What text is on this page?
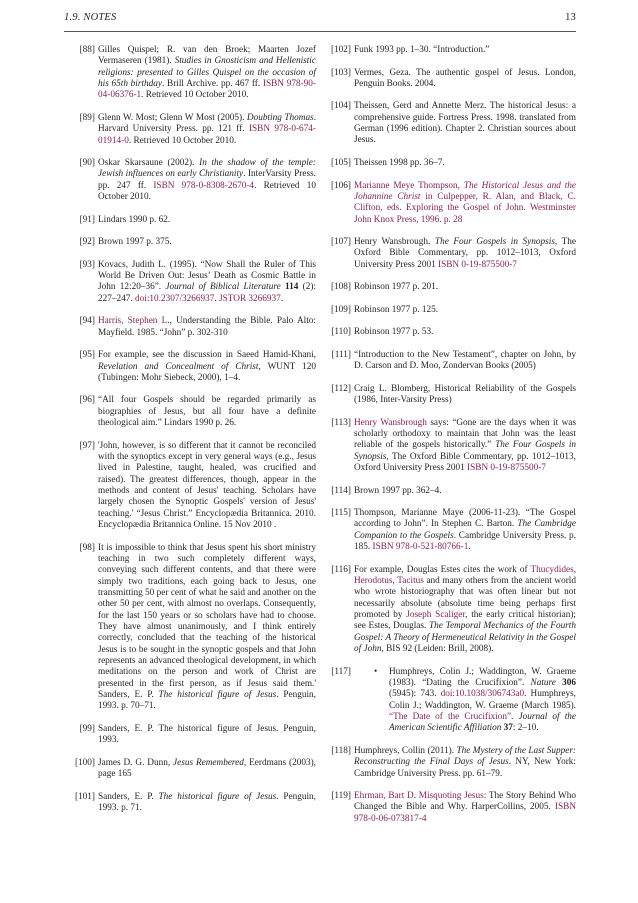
1.9. NOTES	13
[88] Gilles Quispel; R. van den Broek; Maarten Jozef Vermaseren (1981). Studies in Gnosticism and Hellenistic religions: presented to Gilles Quispel on the occasion of his 65th birthday. Brill Archive. pp. 467 ff. ISBN 978-90-04-06376-1. Retrieved 10 October 2010.
[89] Glenn W. Most; Glenn W Most (2005). Doubting Thomas. Harvard University Press. pp. 121 ff. ISBN 978-0-674-01914-0. Retrieved 10 October 2010.
[90] Oskar Skarsaune (2002). In the shadow of the temple: Jewish influences on early Christianity. InterVarsity Press. pp. 247 ff. ISBN 978-0-8308-2670-4. Retrieved 10 October 2010.
[91] Lindars 1990 p. 62.
[92] Brown 1997 p. 375.
[93] Kovacs, Judith L. (1995). “Now Shall the Ruler of This World Be Driven Out: Jesus’ Death as Cosmic Battle in John 12:20–36”. Journal of Biblical Literature 114 (2): 227–247. doi:10.2307/3266937. JSTOR 3266937.
[94] Harris, Stephen L., Understanding the Bible. Palo Alto: Mayfield. 1985. “John” p. 302-310
[95] For example, see the discussion in Saeed Hamid-Khani, Revelation and Concealment of Christ, WUNT 120 (Tubingen: Mohr Siebeck, 2000), 1–4.
[96] “All four Gospels should be regarded primarily as biographies of Jesus, but all four have a definite theological aim.” Lindars 1990 p. 26.
[97] 'John, however, is so different that it cannot be reconciled with the synoptics except in very general ways (e.g., Jesus lived in Palestine, taught, healed, was crucified and raised). The greatest differences, though, appear in the methods and content of Jesus' teaching. Scholars have largely chosen the Synoptic Gospels' version of Jesus' teaching.' “Jesus Christ.” Encyclopædia Britannica. 2010. Encyclopædia Britannica Online. 15 Nov 2010 .
[98] It is impossible to think that Jesus spent his short ministry teaching in two such completely different ways, conveying such different contents, and that there were simply two traditions, each going back to Jesus, one transmitting 50 per cent of what he said and another on the other 50 per cent, with almost no overlaps. Consequently, for the last 150 years or so scholars have had to choose. They have almost unanimously, and I think entirely correctly, concluded that the teaching of the historical Jesus is to be sought in the synoptic gospels and that John represents an advanced theological development, in which meditations on the person and work of Christ are presented in the first person, as if Jesus said them.' Sanders, E. P. The historical figure of Jesus. Penguin, 1993. p. 70–71.
[99] Sanders, E. P. The historical figure of Jesus. Penguin, 1993.
[100] James D. G. Dunn, Jesus Remembered, Eerdmans (2003), page 165
[101] Sanders, E. P. The historical figure of Jesus. Penguin, 1993. p. 71.
[102] Funk 1993 pp. 1–30. “Introduction.”
[103] Vermes, Geza. The authentic gospel of Jesus. London, Penguin Books. 2004.
[104] Theissen, Gerd and Annette Merz. The historical Jesus: a comprehensive guide. Fortress Press. 1998. translated from German (1996 edition). Chapter 2. Christian sources about Jesus.
[105] Theissen 1998 pp. 36–7.
[106] Marianne Meye Thompson, The Historical Jesus and the Johannine Christ in Culpepper, R. Alan, and Black, C. Clifton, eds. Exploring the Gospel of John. Westminster John Knox Press, 1996. p. 28
[107] Henry Wansbrough. The Four Gospels in Synopsis, The Oxford Bible Commentary, pp. 1012–1013, Oxford University Press 2001 ISBN 0-19-875500-7
[108] Robinson 1977 p. 201.
[109] Robinson 1977 p. 125.
[110] Robinson 1977 p. 53.
[111] “Introduction to the New Testament”, chapter on John, by D. Carson and D. Moo, Zondervan Books (2005)
[112] Craig L. Blomberg, Historical Reliability of the Gospels (1986, Inter-Varsity Press)
[113] Henry Wansbrough says: “Gone are the days when it was scholarly orthodoxy to maintain that John was the least reliable of the gospels historically.” The Four Gospels in Synopsis, The Oxford Bible Commentary, pp. 1012–1013, Oxford University Press 2001 ISBN 0-19-875500-7
[114] Brown 1997 pp. 362–4.
[115] Thompson, Marianne Maye (2006-11-23). “The Gospel according to John”. In Stephen C. Barton. The Cambridge Companion to the Gospels. Cambridge University Press. p. 185. ISBN 978-0-521-80766-1.
[116] For example, Douglas Estes cites the work of Thucydides, Herodotus, Tacitus and many others from the ancient world who wrote historiography that was often linear but not necessarily absolute (absolute time being perhaps first promoted by Joseph Scaliger, the early critical historian); see Estes, Douglas. The Temporal Mechanics of the Fourth Gospel: A Theory of Hermeneutical Relativity in the Gospel of John, BIS 92 (Leiden: Brill, 2008).
[117] • Humphreys, Colin J.; Waddington, W. Graeme (1983). “Dating the Crucifixion”. Nature 306 (5945): 743. doi:10.1038/306743a0. Humphreys, Colin J.; Waddington, W. Graeme (March 1985). “The Date of the Crucifixion”. Journal of the American Scientific Affiliation 37: 2–10.
[118] Humphreys, Collin (2011). The Mystery of the Last Supper: Reconstructing the Final Days of Jesus. NY, New York: Cambridge University Press. pp. 61–79.
[119] Ehrman, Bart D. Misquoting Jesus: The Story Behind Who Changed the Bible and Why. HarperCollins, 2005. ISBN 978-0-06-073817-4
